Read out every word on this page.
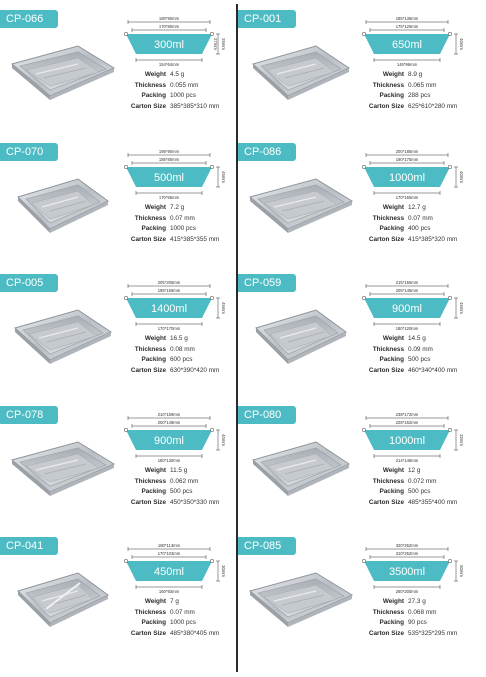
CP-066	180*90mm
170*80mm
300ml
154*64mm
25mm
27mm
Weight 4.5 g
Thickness 0.055 mm
Packing 1000 pcs
Carton Size 385*385*310 mm
CP-001	185*135mm
175*125mm
650ml
146*96mm
40mm
Weight 8.9 g
Thickness 0.065 mm
Packing 288 pcs
Carton Size 625*610*280 mm
CP-070	195*90mm
185*80mm
500ml
170*65mm
45mm
Weight 7.2 g
Thickness 0.07 mm
Packing 1000 pcs
Carton Size 415*385*355 mm
CP-086	200*185mm
190*175mm
1000ml
170*155mm
40mm
Weight 12.7 g
Thickness 0.07 mm
Packing 400 pcs
Carton Size 415*385*320 mm
CP-005	205*205mm
195*155mm
1400ml
170*170mm
45mm
Weight 16.5 g
Thickness 0.08 mm
Packing 600 pcs
Carton Size 630*390*420 mm
CP-059	215*155mm
205*145mm
900ml
180*120mm
45mm
Weight 14.5 g
Thickness 0.09 mm
Packing 500 pcs
Carton Size 460*340*400 mm
CP-078	210*159mm
200*149mm
900ml
180*130mm
40mm
Weight 11.5 g
Thickness 0.062 mm
Packing 500 pcs
Carton Size 450*350*330 mm
CP-080	238*172mm
228*162mm
1000ml
214*148mm
32mm
Weight 12 g
Thickness 0.072 mm
Packing 500 pcs
Carton Size 485*355*400 mm
CP-041	180*113mm
170*103mm
450ml
160*93mm
30mm
Weight 7 g
Thickness 0.07 mm
Packing 1000 pcs
Carton Size 485*380*405 mm
CP-085	320*262mm
310*252mm
3500ml
260*200mm
60mm
Weight 27.3 g
Thickness 0.068 mm
Packing 90 pcs
Carton Size 535*325*295 mm
